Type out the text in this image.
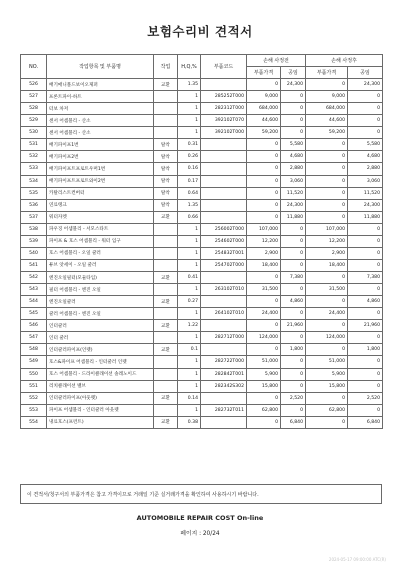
보험수리비 견적서
NO.	작업항목 및 부품명	작업	H,Q,%	부품코드	손해 사정전		손해 사정후	
					부품가격	공임	부품가격	공임
526	배기매니폴드보이오제퍼	교환	1.35		0	24,300	0	24,300
527	프론트파이-하트		1	285252T000	9,000	0	9,000	0
528	터보 차저		1	282312T000	684,000	0	684,000	0
529	센서 어셈블리 - 산소		1	392102T070	44,600	0	44,600	0
530	센서 어셈블리 - 산소		1	392102T000	59,200	0	59,200	0
531	배기파이프1번	탈착	0.31		0	5,580	0	5,580
532	배기파이프2번	탈착	0.26		0	4,680	0	4,680
533	배기파이프트프로트우머1번	탈착	0.16		0	2,880	0	2,880
534	배기파이프트프로트와이2번	탈착	0.17		0	3,060	0	3,060
535	카탈리스트컨버터	탈착	0.64		0	11,520	0	11,520
536	연료탱크	탈착	1.35		0	24,300	0	24,300
537	워터자켓	교환	0.66		0	11,880	0	11,880
538	파우징 어셈블리 - 서모스타트		1	256002T000	107,000	0	107,000	0
539	파이프 & 호스 어셈블리 - 워터 입구		1	254602T000	12,200	0	12,200	0
540	호스 어셈블리 - 오일 쿨러		1	254832T001	2,900	0	2,900	0
541	튜브 앗세이 - 오일 쿨러		1	254702T000	18,400	0	18,400	0
542	엔진오일필터(모듈타입)	교환	0.41		0	7,380	0	7,380
543	필터 어셈블리 - 엔진 오일		1	263102T010	31,500	0	31,500	0
544	엔진오일쿨러	교환	0.27		0	4,860	0	4,860
545	쿨러 어셈블리 - 엔진 오일		1	264102T010	24,400	0	24,400	0
546	인터쿨러	교환	1.22		0	21,960	0	21,960
547	인터 쿨러		1	282712T000	124,000	0	124,000	0
548	인터쿨러파이프(인렛)	교환	0.1		0	1,800	0	1,800
549	호스&파이프 어셈블리 - 인터쿨러 인렛		1	282722T000	51,000	0	51,000	0
550	호스 어셈블리 - 드라이클래이션 솔레노이드		1	282842T001	5,900	0	5,900	0
551	리치클래이션 밸브		1	282342S302	15,800	0	15,800	0
552	인터쿨러파이프(아웃렛)	교환	0.14		0	2,520	0	2,520
553	파이프 어셈블리 - 인터쿨러 아웃렛		1	282732T011	62,800	0	62,800	0
554	냉료호스(프런트)	교환	0.38		0	6,840	0	6,840
이 견적서/청구서의 부품가격은 참고 가격이므로 거래일 기준 실거래가격을 확인하여 사용하시기 바랍니다.
AUTOMOBILE REPAIR COST On-line
페이지 : 20/24
2024-05-17 09:00:00 ATC(R)
